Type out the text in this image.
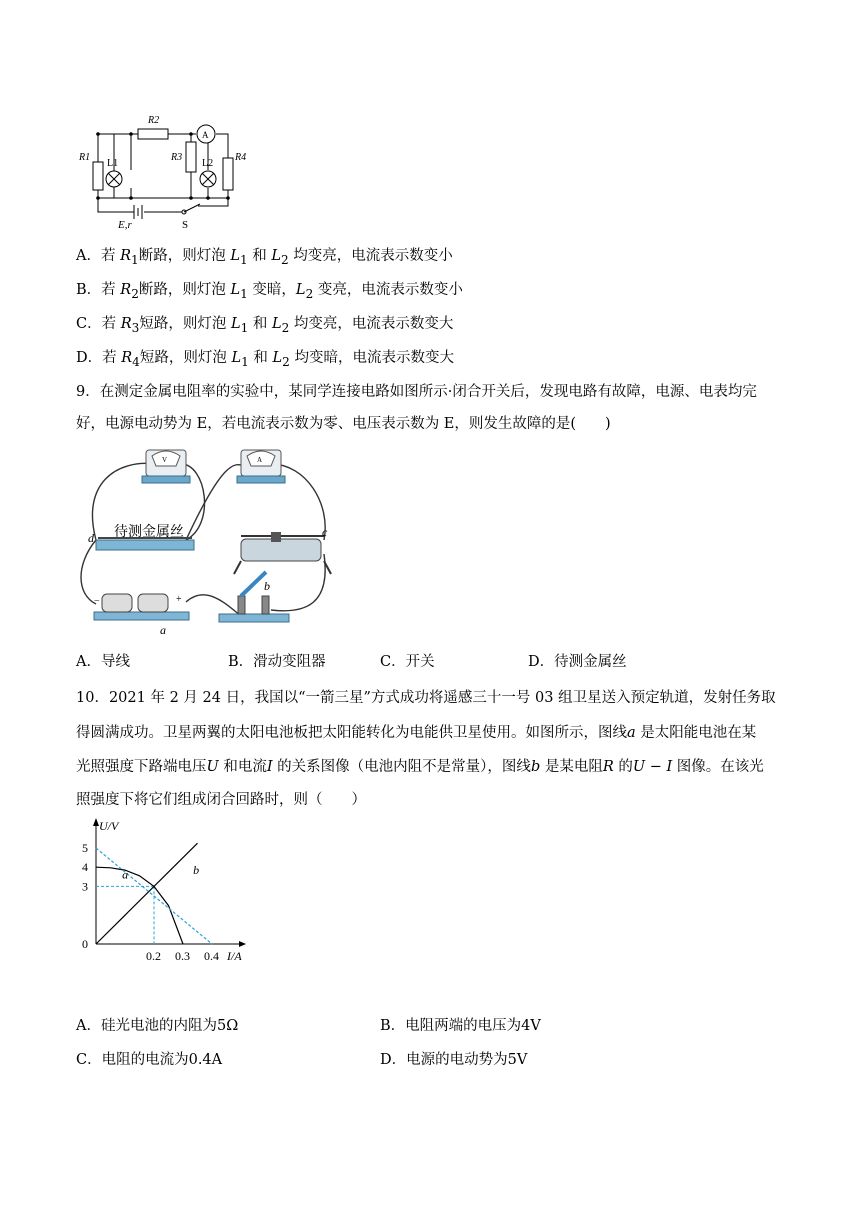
R2
R1
L1
R3
L2
R4
E,r	S
A
A．若 $R_1$断路，则灯泡 $L_1$ 和 $L_2$ 均变亮，电流表示数变小
B．若 $R_2$断路，则灯泡 $L_1$ 变暗，$L_2$ 变亮，电流表示数变小
C．若 $R_3$短路，则灯泡 $L_1$ 和 $L_2$ 均变亮，电流表示数变大
D．若 $R_4$短路，则灯泡 $L_1$ 和 $L_2$ 均变暗，电流表示数变大
9．在测定金属电阻率的实验中，某同学连接电路如图所示·闭合开关后，发现电路有故障，电源、电表均完
好，电源电动势为 E，若电流表示数为零、电压表示数为 E，则发生故障的是(　　)
V	A
待测金属丝
d	c
−	+
a
b
A．导线	B．滑动变阻器	C．开关	D．待测金属丝
10．2021 年 2 月 24 日，我国以“一箭三星”方式成功将遥感三十一号 03 组卫星送入预定轨道，发射任务取
得圆满成功。卫星两翼的太阳电池板把太阳能转化为电能供卫星使用。如图所示，图线a 是太阳能电池在某
光照强度下路端电压U 和电流I 的关系图像（电池内阻不是常量），图线b 是某电阻R 的U − I 图像。在该光
照强度下将它们组成闭合回路时，则（　　）
U/V
I/A
0
0.2 0.3 0.4
5
4
3
a	b
A．硅光电池的内阻为5Ω	B．电阻两端的电压为4V
C．电阻的电流为0.4A	D．电源的电动势为5V
